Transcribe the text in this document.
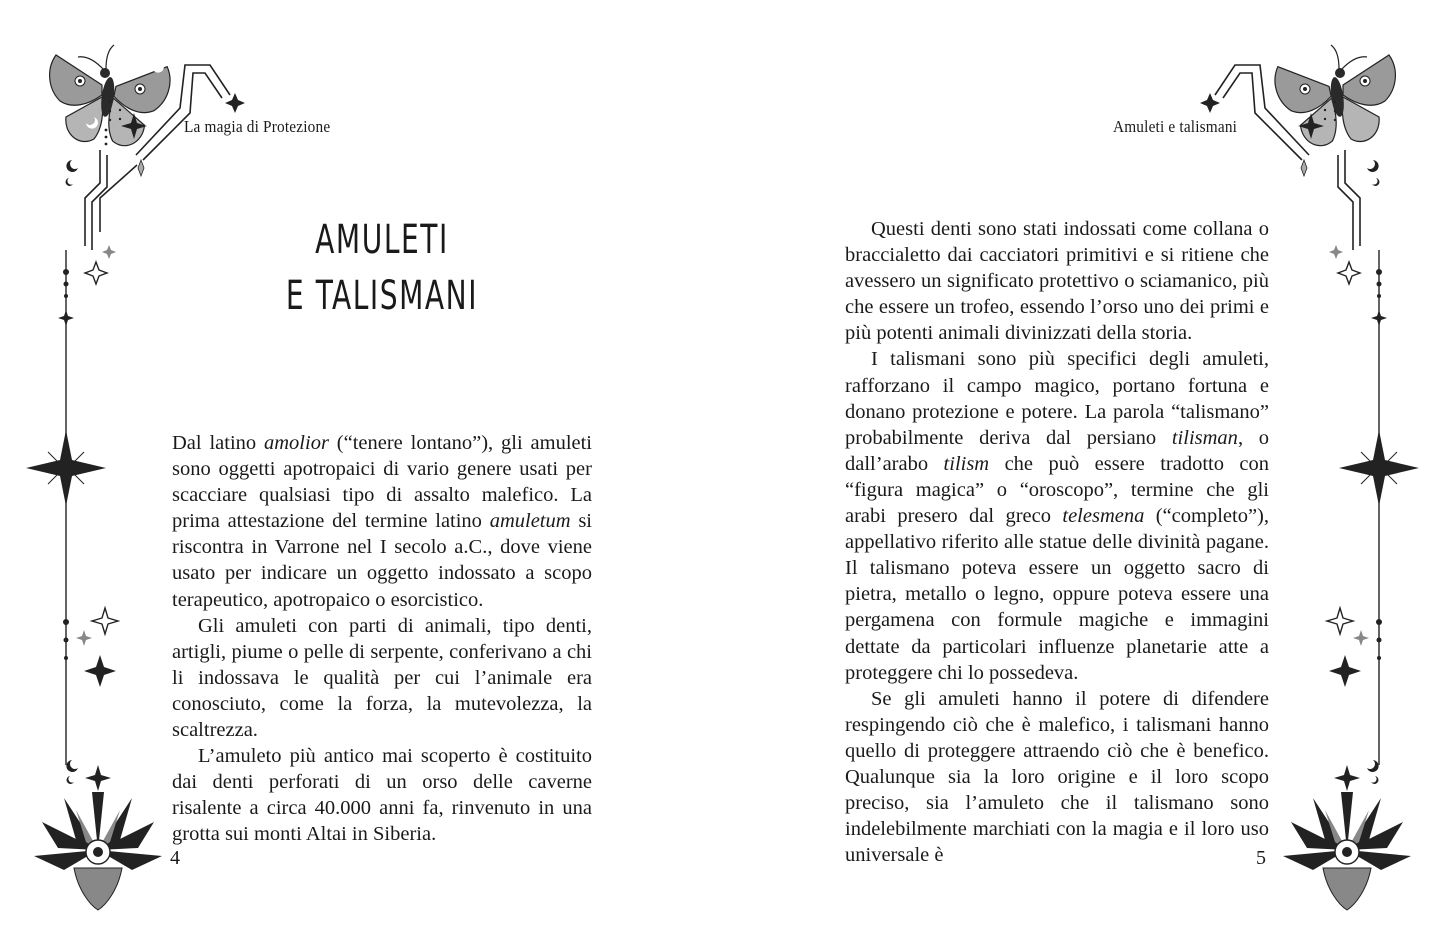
La magia di Protezione
AMULETI
E TALISMANI

Dal latino amolior (“tenere lontano”), gli amuleti sono oggetti apotropaici di vario genere usati per scacciare qualsiasi tipo di assalto malefico. La prima attestazione del termine latino amuletum si riscontra in Varrone nel I secolo a.C., dove viene usato per indicare un oggetto indossato a scopo terapeutico, apotropaico o esorcistico.

Gli amuleti con parti di animali, tipo denti, artigli, piume o pelle di serpente, conferivano a chi li indossava le qualità per cui l’animale era conosciuto, come la forza, la mutevolezza, la scaltrezza.

L’amuleto più antico mai scoperto è costituito dai denti perforati di un orso delle caverne risalente a circa 40.000 anni fa, rinvenuto in una grotta sui monti Altai in Siberia.

4
Amuleti e talismani

Questi denti sono stati indossati come collana o braccialetto dai cacciatori primitivi e si ritiene che avessero un significato protettivo o sciamanico, più che essere un trofeo, essendo l’orso uno dei primi e più potenti animali divinizzati della storia.

I talismani sono più specifici degli amuleti, rafforzano il campo magico, portano fortuna e donano protezione e potere. La parola “talismano” probabilmente deriva dal persiano tilisman, o dall’arabo tilism che può essere tradotto con “figura magica” o “oroscopo”, termine che gli arabi presero dal greco telesmena (“completo”), appellativo riferito alle statue delle divinità pagane. Il talismano poteva essere un oggetto sacro di pietra, metallo o legno, oppure poteva essere una pergamena con formule magiche e immagini dettate da particolari influenze planetarie atte a proteggere chi lo possedeva.

Se gli amuleti hanno il potere di difendere respingendo ciò che è malefico, i talismani hanno quello di proteggere attraendo ciò che è benefico. Qualunque sia la loro origine e il loro scopo preciso, sia l’amuleto che il talismano sono indelebilmente marchiati con la magia e il loro uso universale è	5
